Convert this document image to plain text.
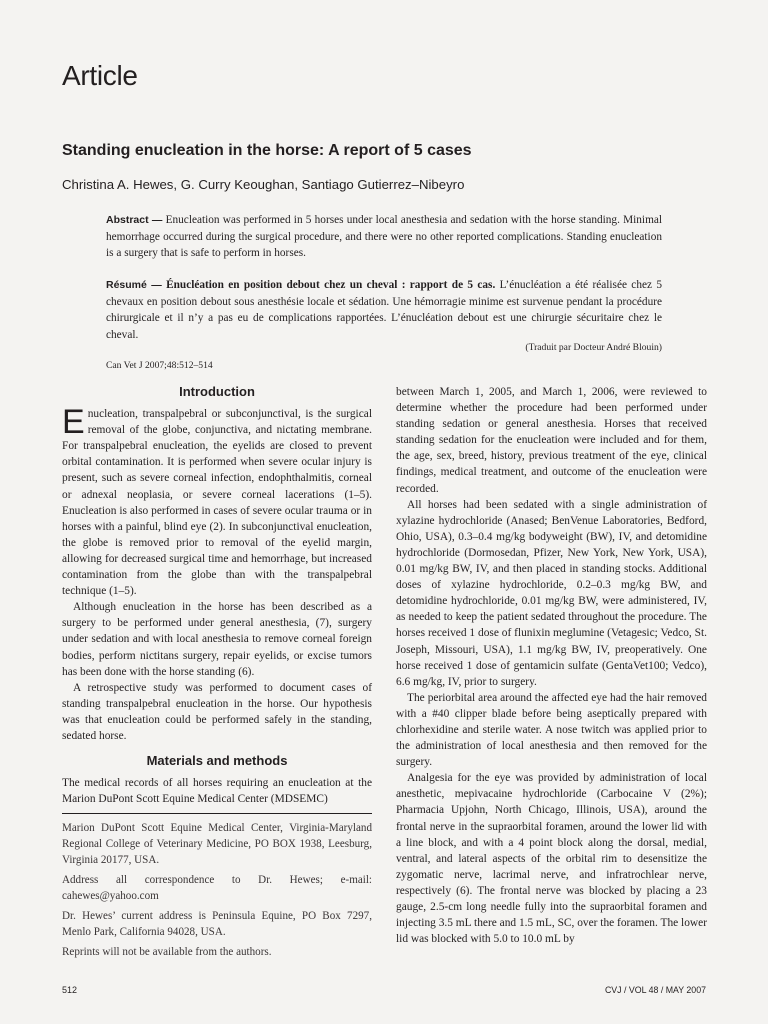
Article
Standing enucleation in the horse: A report of 5 cases
Christina A. Hewes, G. Curry Keoughan, Santiago Gutierrez–Nibeyro
Abstract — Enucleation was performed in 5 horses under local anesthesia and sedation with the horse standing. Minimal hemorrhage occurred during the surgical procedure, and there were no other reported complications. Standing enucleation is a surgery that is safe to perform in horses.
Résumé — Énucléation en position debout chez un cheval : rapport de 5 cas. L’énucléation a été réalisée chez 5 chevaux en position debout sous anesthésie locale et sédation. Une hémorragie minime est survenue pendant la procédure chirurgicale et il n’y a pas eu de complications rapportées. L’énucléation debout est une chirurgie sécuritaire chez le cheval.
(Traduit par Docteur André Blouin)
Can Vet J 2007;48:512–514
Introduction

Enucleation, transpalpebral or subconjunctival, is the surgical removal of the globe, conjunctiva, and nictating membrane. For transpalpebral enucleation, the eyelids are closed to prevent orbital contamination. It is performed when severe ocular injury is present, such as severe corneal infection, endophthalmitis, corneal or adnexal neoplasia, or severe corneal lacerations (1–5). Enucleation is also performed in cases of severe ocular trauma or in horses with a painful, blind eye (2). In subconjunctival enucleation, the globe is removed prior to removal of the eyelid margin, allowing for decreased surgical time and hemorrhage, but increased contamination from the globe than with the transpalpebral technique (1–5).

Although enucleation in the horse has been described as a surgery to be performed under general anesthesia, (7), surgery under sedation and with local anesthesia to remove corneal foreign bodies, perform nictitans surgery, repair eyelids, or excise tumors has been done with the horse standing (6).

A retrospective study was performed to document cases of standing transpalpebral enucleation in the horse. Our hypothesis was that enucleation could be performed safely in the standing, sedated horse.

Materials and methods

The medical records of all horses requiring an enucleation at the Marion DuPont Scott Equine Medical Center (MDSEMC)

Marion DuPont Scott Equine Medical Center, Virginia-Maryland Regional College of Veterinary Medicine, PO BOX 1938, Leesburg, Virginia 20177, USA.

Address all correspondence to Dr. Hewes; e-mail: cahewes@yahoo.com

Dr. Hewes’ current address is Peninsula Equine, PO Box 7297, Menlo Park, California 94028, USA.

Reprints will not be available from the authors.

between March 1, 2005, and March 1, 2006, were reviewed to determine whether the procedure had been performed under standing sedation or general anesthesia. Horses that received standing sedation for the enucleation were included and for them, the age, sex, breed, history, previous treatment of the eye, clinical findings, medical treatment, and outcome of the enucleation were recorded.

All horses had been sedated with a single administration of xylazine hydrochloride (Anased; BenVenue Laboratories, Bedford, Ohio, USA), 0.3–0.4 mg/kg bodyweight (BW), IV, and detomidine hydrochloride (Dormosedan, Pfizer, New York, New York, USA), 0.01 mg/kg BW, IV, and then placed in standing stocks. Additional doses of xylazine hydrochloride, 0.2–0.3 mg/kg BW, and detomidine hydrochloride, 0.01 mg/kg BW, were administered, IV, as needed to keep the patient sedated throughout the procedure. The horses received 1 dose of flunixin meglumine (Vetagesic; Vedco, St. Joseph, Missouri, USA), 1.1 mg/kg BW, IV, preoperatively. One horse received 1 dose of gentamicin sulfate (GentaVet100; Vedco), 6.6 mg/kg, IV, prior to surgery.

The periorbital area around the affected eye had the hair removed with a #40 clipper blade before being aseptically prepared with chlorhexidine and sterile water. A nose twitch was applied prior to the administration of local anesthesia and then removed for the surgery.

Analgesia for the eye was provided by administration of local anesthetic, mepivacaine hydrochloride (Carbocaine V (2%); Pharmacia Upjohn, North Chicago, Illinois, USA), around the frontal nerve in the supraorbital foramen, around the lower lid with a line block, and with a 4 point block along the dorsal, medial, ventral, and lateral aspects of the orbital rim to desensitize the zygomatic nerve, lacrimal nerve, and infratrochlear nerve, respectively (6). The frontal nerve was blocked by placing a 23 gauge, 2.5-cm long needle fully into the supraorbital foramen and injecting 3.5 mL there and 1.5 mL, SC, over the foramen. The lower lid was blocked with 5.0 to 10.0 mL by

512	CVJ / VOL 48 / MAY 2007
